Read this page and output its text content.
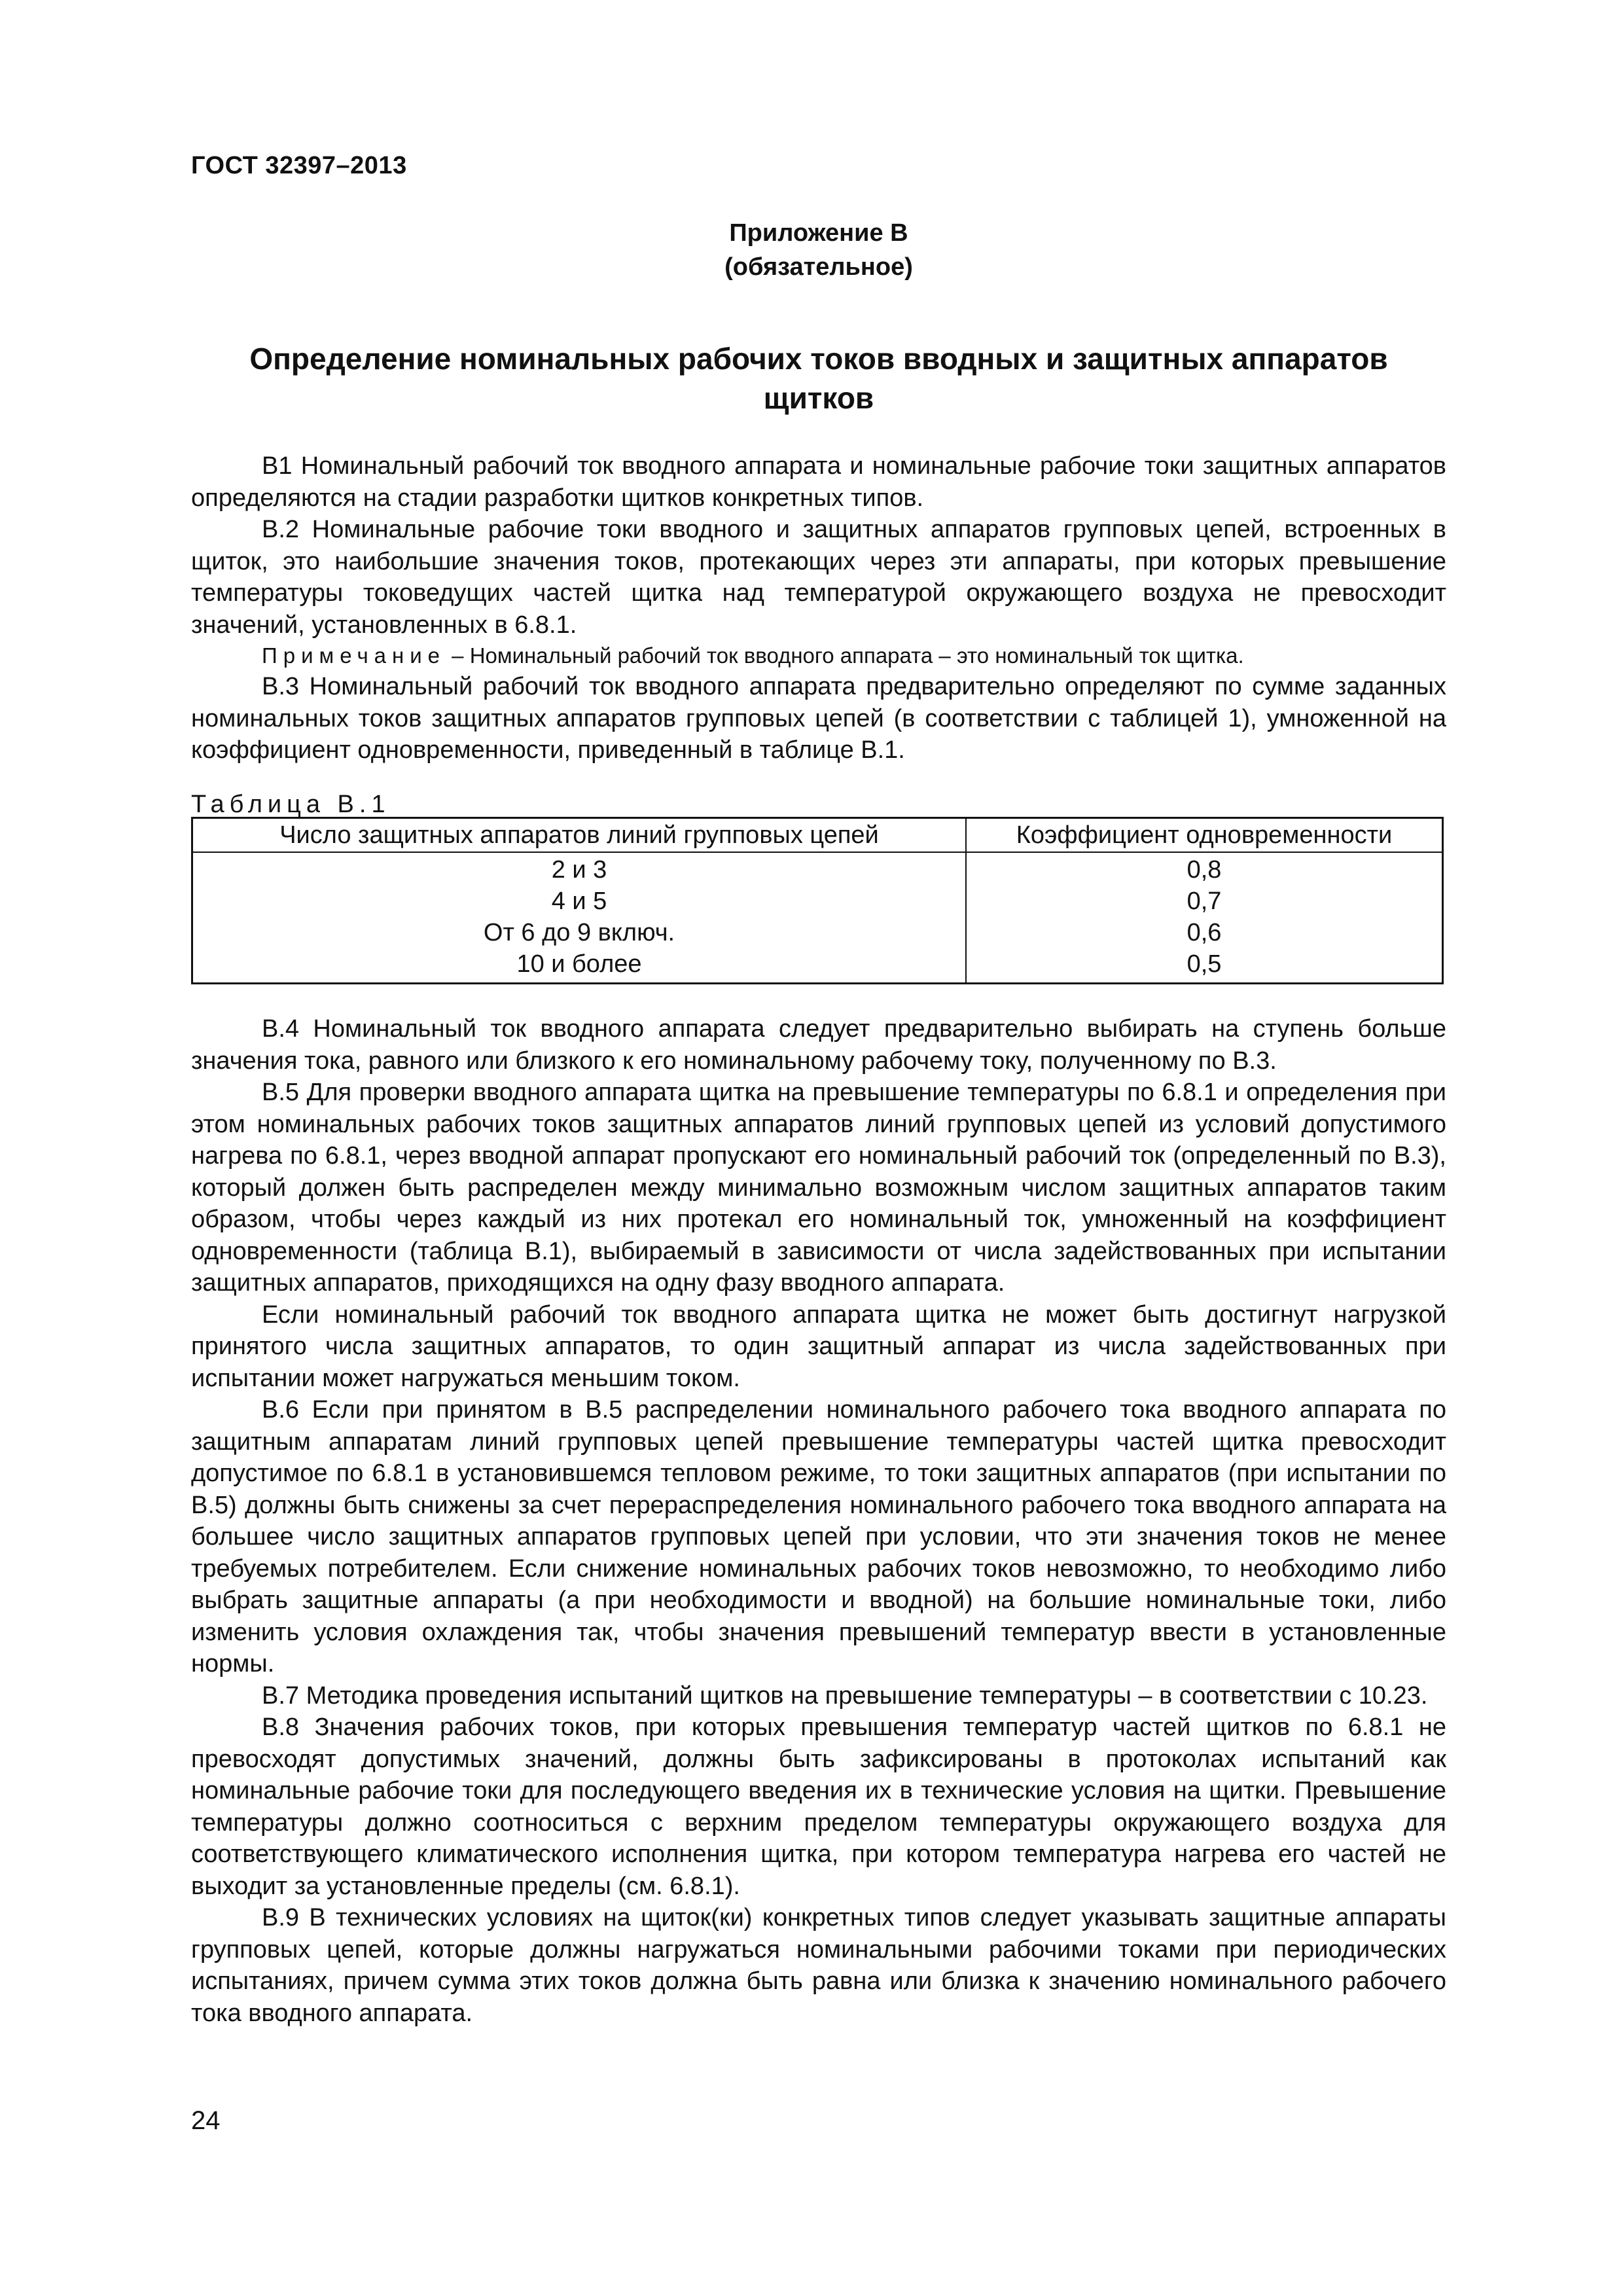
ГОСТ 32397–2013
Приложение В
(обязательное)
Определение номинальных рабочих токов вводных и защитных аппаратов
щитков

В1 Номинальный рабочий ток вводного аппарата и номинальные рабочие токи защитных аппаратов определяются на стадии разработки щитков конкретных типов.

В.2 Номинальные рабочие токи вводного и защитных аппаратов групповых цепей, встроенных в щиток, это наибольшие значения токов, протекающих через эти аппараты, при которых превышение температуры токоведущих частей щитка над температурой окружающего воздуха не превосходит значений, установленных в 6.8.1.

Примечание – Номинальный рабочий ток вводного аппарата – это номинальный ток щитка.

В.3 Номинальный рабочий ток вводного аппарата предварительно определяют по сумме заданных номинальных токов защитных аппаратов групповых цепей (в соответствии с таблицей 1), умноженной на коэффициент одновременности, приведенный в таблице В.1.

Таблица В.1
Число защитных аппаратов линий групповых цепей	Коэффициент одновременности
2 и 3	0,8
4 и 5	0,7
От 6 до 9 включ.	0,6
10 и более	0,5

В.4 Номинальный ток вводного аппарата следует предварительно выбирать на ступень больше значения тока, равного или близкого к его номинальному рабочему току, полученному по В.3.

В.5 Для проверки вводного аппарата щитка на превышение температуры по 6.8.1 и определения при этом номинальных рабочих токов защитных аппаратов линий групповых цепей из условий допустимого нагрева по 6.8.1, через вводной аппарат пропускают его номинальный рабочий ток (определенный по В.3), который должен быть распределен между минимально возможным числом защитных аппаратов таким образом, чтобы через каждый из них протекал его номинальный ток, умноженный на коэффициент одновременности (таблица В.1), выбираемый в зависимости от числа задействованных при испытании защитных аппаратов, приходящихся на одну фазу вводного аппарата.

Если номинальный рабочий ток вводного аппарата щитка не может быть достигнут нагрузкой принятого числа защитных аппаратов, то один защитный аппарат из числа задействованных при испытании может нагружаться меньшим током.

В.6 Если при принятом в В.5 распределении номинального рабочего тока вводного аппарата по защитным аппаратам линий групповых цепей превышение температуры частей щитка превосходит допустимое по 6.8.1 в установившемся тепловом режиме, то токи защитных аппаратов (при испытании по В.5) должны быть снижены за счет перераспределения номинального рабочего тока вводного аппарата на большее число защитных аппаратов групповых цепей при условии, что эти значения токов не менее требуемых потребителем. Если снижение номинальных рабочих токов невозможно, то необходимо либо выбрать защитные аппараты (а при необходимости и вводной) на большие номинальные токи, либо изменить условия охлаждения так, чтобы значения превышений температур ввести в установленные нормы.

В.7 Методика проведения испытаний щитков на превышение температуры – в соответствии с 10.23.

В.8 Значения рабочих токов, при которых превышения температур частей щитков по 6.8.1 не превосходят допустимых значений, должны быть зафиксированы в протоколах испытаний как номинальные рабочие токи для последующего введения их в технические условия на щитки. Превышение температуры должно соотноситься с верхним пределом температуры окружающего воздуха для соответствующего климатического исполнения щитка, при котором температура нагрева его частей не выходит за установленные пределы (см. 6.8.1).

В.9 В технических условиях на щиток(ки) конкретных типов следует указывать защитные аппараты групповых цепей, которые должны нагружаться номинальными рабочими токами при периодических испытаниях, причем сумма этих токов должна быть равна или близка к значению номинального рабочего тока вводного аппарата.

24
